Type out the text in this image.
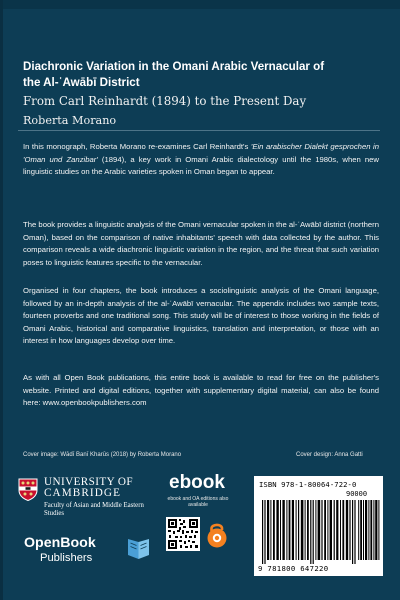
Diachronic Variation in the Omani Arabic Vernacular of
the Al-ʿAwābī District

From Carl Reinhardt (1894) to the Present Day

Roberta Morano

In this monograph, Roberta Morano re-examines Carl Reinhardt's 'Ein arabischer Dialekt gesprochen in 'Oman und Zanzibar' (1894), a key work in Omani Arabic dialectology until the 1980s, when new linguistic studies on the Arabic varieties spoken in Oman began to appear.

The book provides a linguistic analysis of the Omani vernacular spoken in the al-ʿAwābī district (northern Oman), based on the comparison of native inhabitants' speech with data collected by the author. This comparison reveals a wide diachronic linguistic variation in the region, and the threat that such variation poses to linguistic features specific to the vernacular.

Organised in four chapters, the book introduces a sociolinguistic analysis of the Omani language, followed by an in-depth analysis of the al-ʿAwābī vernacular. The appendix includes two sample texts, fourteen proverbs and one traditional song. This study will be of interest to those working in the fields of Omani Arabic, historical and comparative linguistics, translation and interpretation, or those with an interest in how languages develop over time.

As with all Open Book publications, this entire book is available to read for free on the publisher's website. Printed and digital editions, together with supplementary digital material, can also be found here: www.openbookpublishers.com

Cover image: Wādī Banī Kharūs (2018) by Roberta Morano	Cover design: Anna Gatti
UNIVERSITY OF
CAMBRIDGE
Faculty of Asian and Middle Eastern Studies
OpenBook
Publishers
ebook
ebook and OA editions also available
ISBN 978-1-80064-722-0
90000
9 781800 647220
